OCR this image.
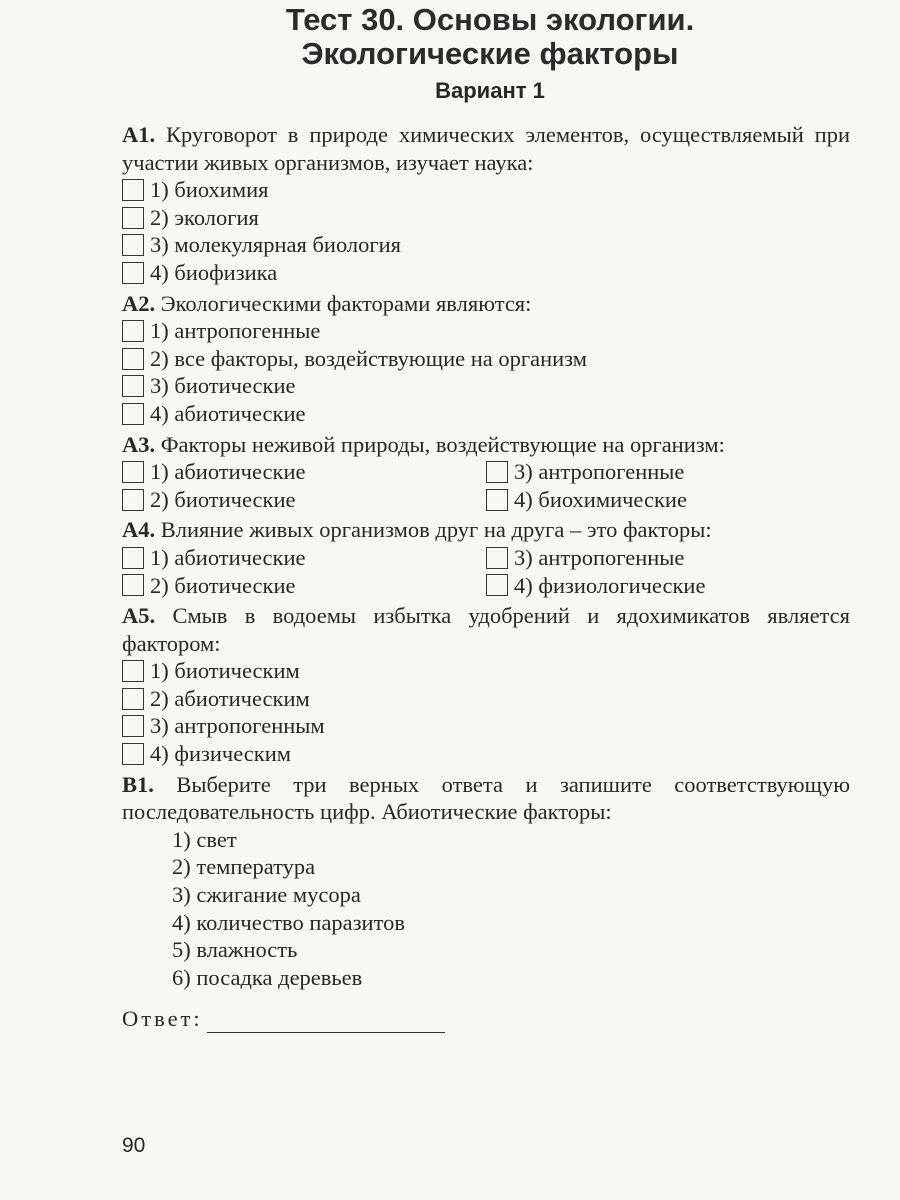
Тест 30. Основы экологии.
Экологические факторы
Вариант 1
А1. Круговорот в природе химических элементов, осуществляемый при участии живых организмов, изучает наука:
1) биохимия
2) экология
3) молекулярная биология
4) биофизика
А2. Экологическими факторами являются:
1) антропогенные
2) все факторы, воздействующие на организм
3) биотические
4) абиотические
А3. Факторы неживой природы, воздействующие на организм:
1) абиотические	3) антропогенные
2) биотические	4) биохимические
А4. Влияние живых организмов друг на друга – это факторы:
1) абиотические	3) антропогенные
2) биотические	4) физиологические
А5. Смыв в водоемы избытка удобрений и ядохимикатов является фактором:
1) биотическим
2) абиотическим
3) антропогенным
4) физическим
В1. Выберите три верных ответа и запишите соответствующую последовательность цифр. Абиотические факторы:
1) свет
2) температура
3) сжигание мусора
4) количество паразитов
5) влажность
6) посадка деревьев
Ответ:
90
